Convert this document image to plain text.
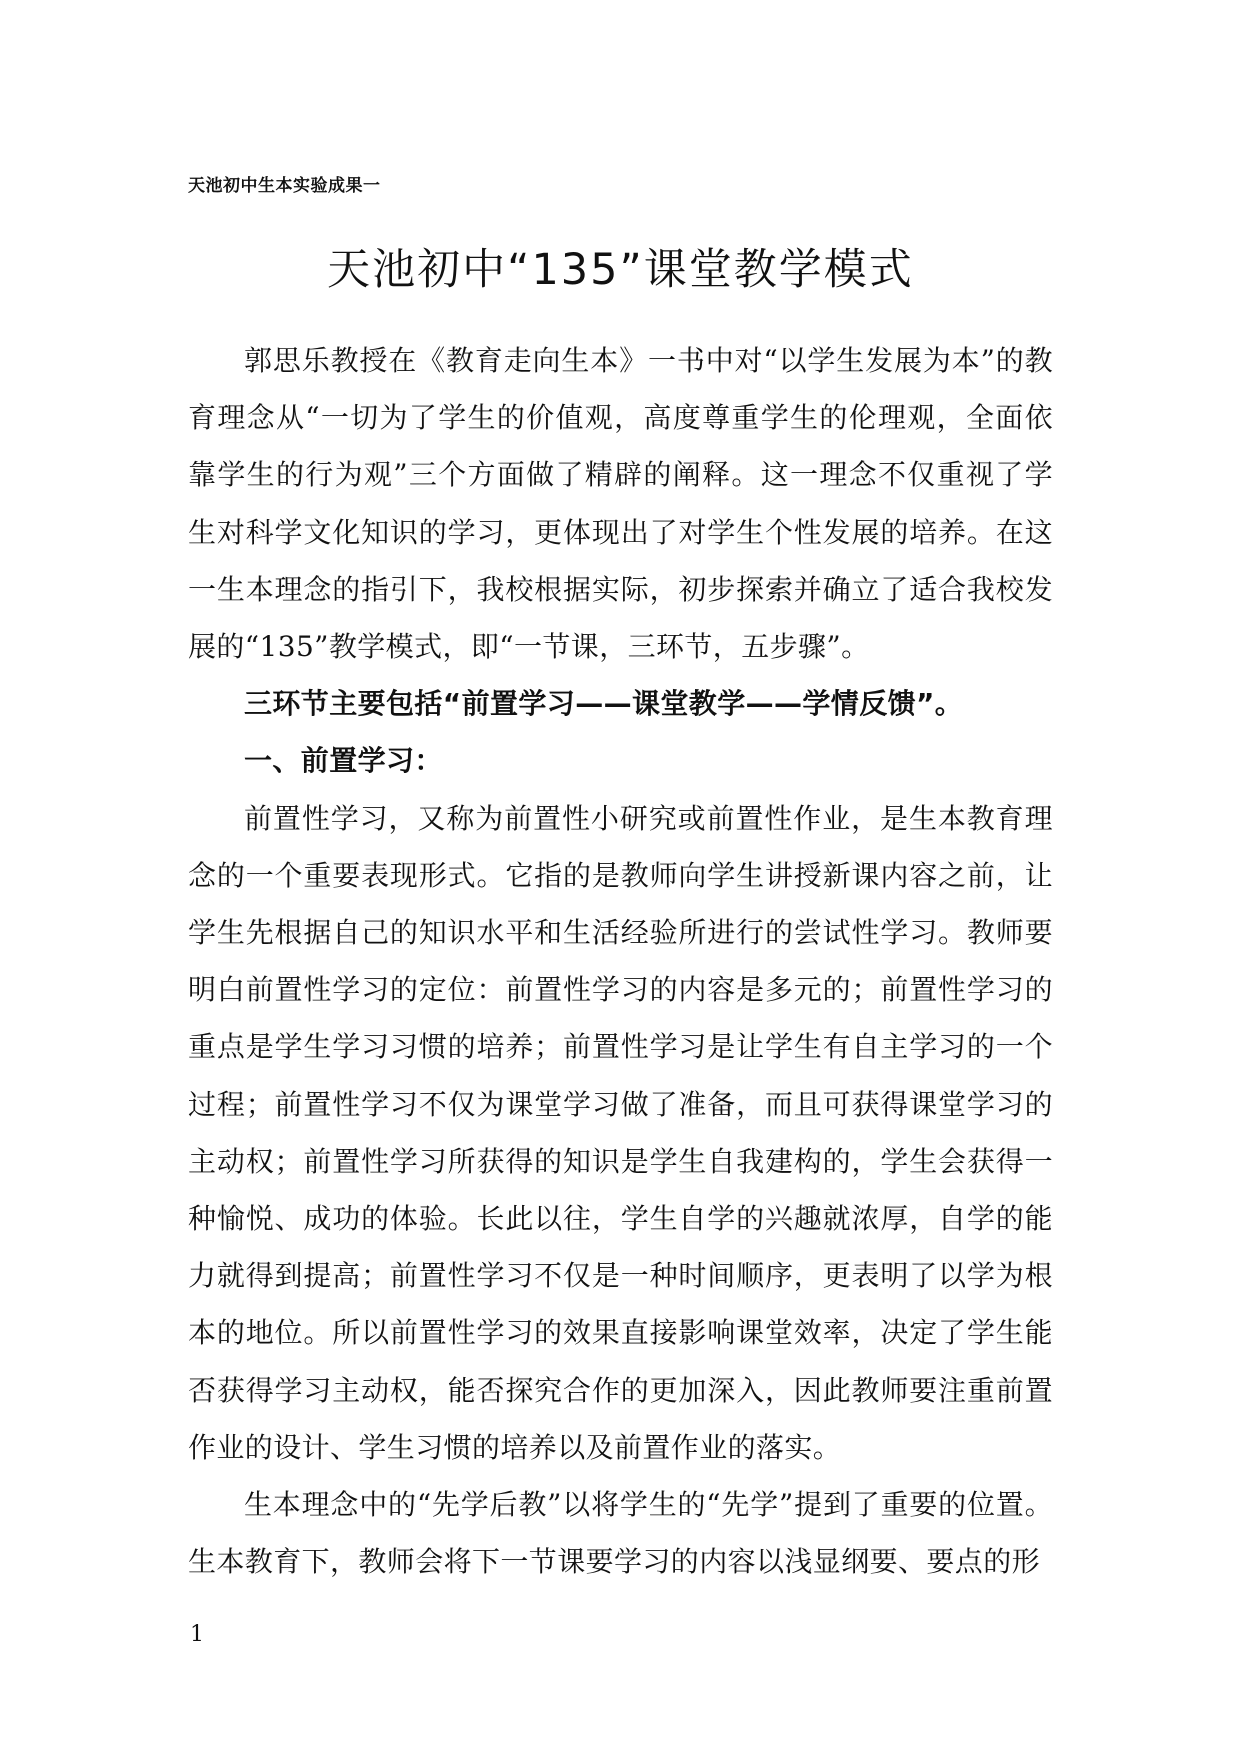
天池初中生本实验成果一
天池初中“135”课堂教学模式

郭思乐教授在《教育走向生本》一书中对“以学生发展为本”的教育理念从“一切为了学生的价值观，高度尊重学生的伦理观，全面依靠学生的行为观”三个方面做了精辟的阐释。这一理念不仅重视了学生对科学文化知识的学习，更体现出了对学生个性发展的培养。在这一生本理念的指引下，我校根据实际，初步探索并确立了适合我校发展的“135”教学模式，即“一节课，三环节，五步骤”。

三环节主要包括“前置学习——课堂教学——学情反馈”。

一、前置学习：

前置性学习，又称为前置性小研究或前置性作业，是生本教育理念的一个重要表现形式。它指的是教师向学生讲授新课内容之前，让学生先根据自己的知识水平和生活经验所进行的尝试性学习。教师要明白前置性学习的定位：前置性学习的内容是多元的；前置性学习的重点是学生学习习惯的培养；前置性学习是让学生有自主学习的一个过程；前置性学习不仅为课堂学习做了准备，而且可获得课堂学习的主动权；前置性学习所获得的知识是学生自我建构的，学生会获得一种愉悦、成功的体验。长此以往，学生自学的兴趣就浓厚，自学的能力就得到提高；前置性学习不仅是一种时间顺序，更表明了以学为根本的地位。所以前置性学习的效果直接影响课堂效率，决定了学生能否获得学习主动权，能否探究合作的更加深入，因此教师要注重前置作业的设计、学生习惯的培养以及前置作业的落实。

生本理念中的“先学后教”以将学生的“先学”提到了重要的位置。生本教育下，教师会将下一节课要学习的内容以浅显纲要、要点的形

1
